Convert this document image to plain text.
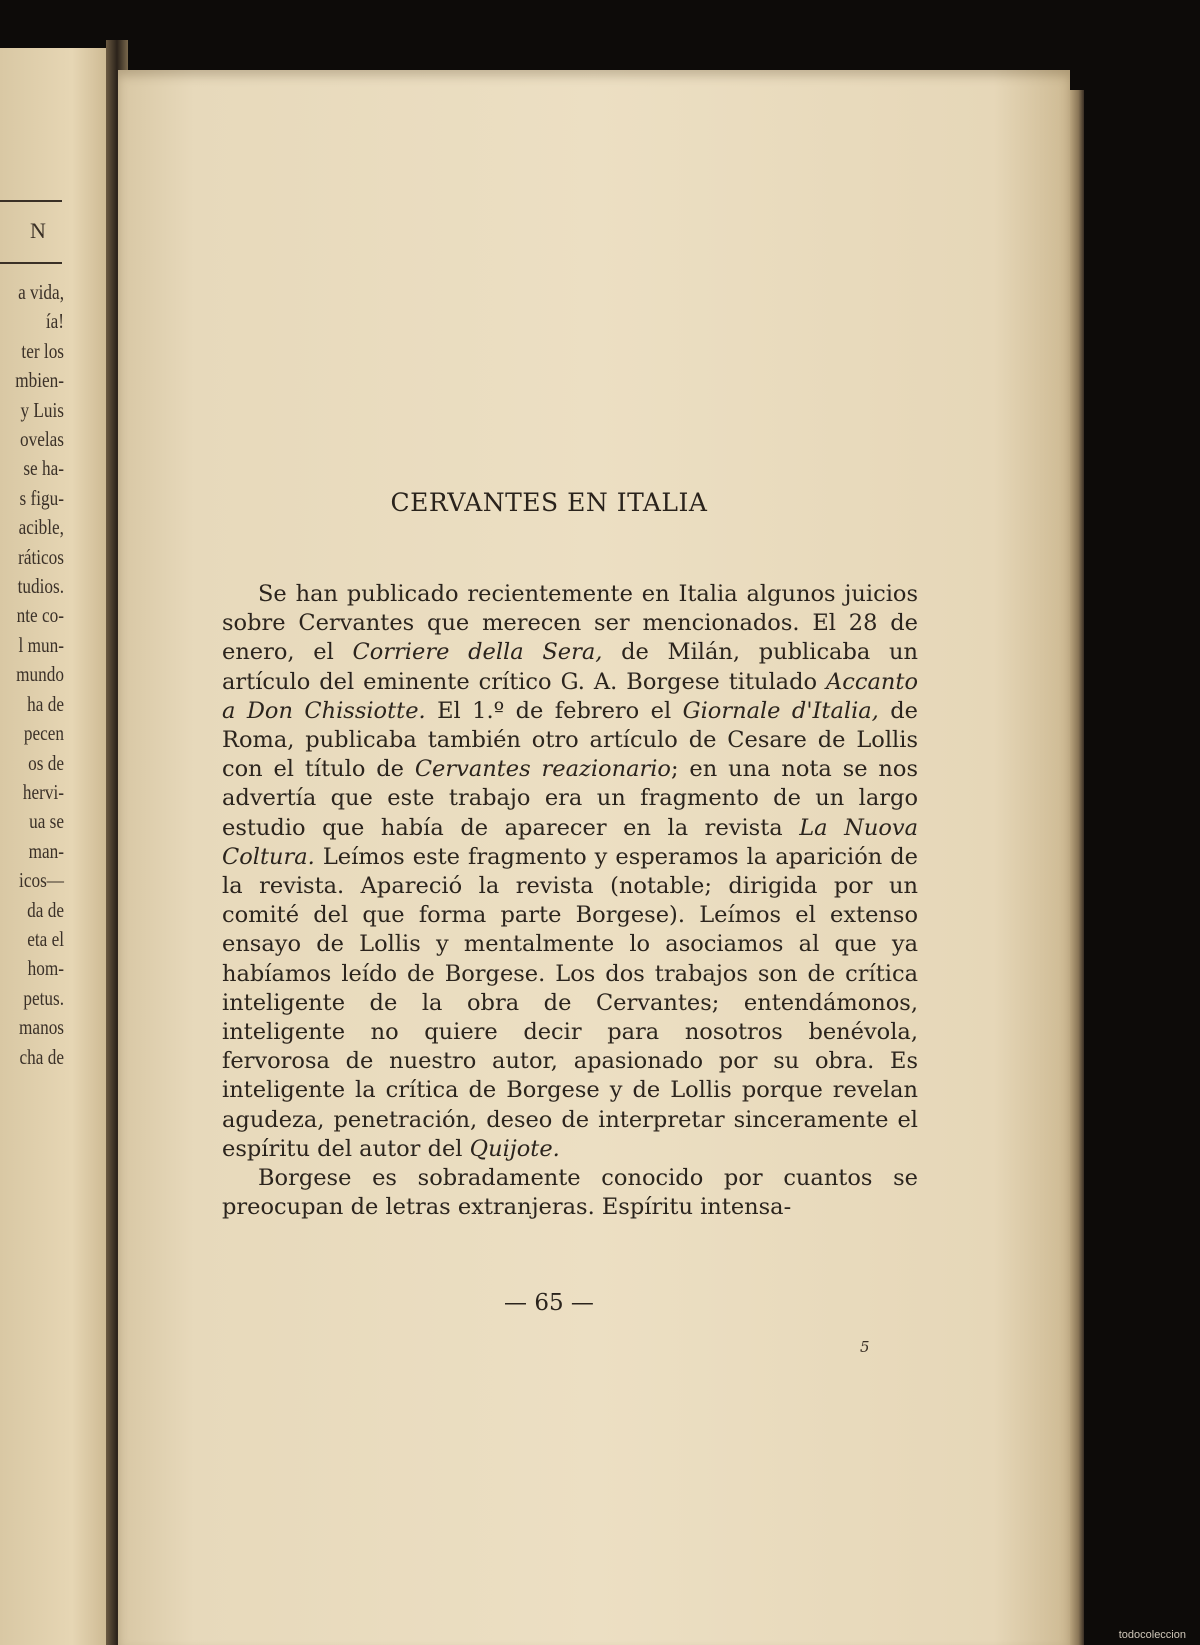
N
a vida,
ía!
ter los
mbien-
y Luis
ovelas
se ha-
s figu-
acible,
ráticos
tudios.
nte co-
l mun-
mundo
ha de
pecen
os de
hervi-
ua se
man-
icos—
da de
eta el
hom-
petus.
manos
cha de
CERVANTES EN ITALIA

Se han publicado recientemente en Italia algunos juicios sobre Cervantes que merecen ser mencionados. El 28 de enero, el Corriere della Sera, de Milán, publicaba un artículo del eminente crítico G. A. Borgese titulado Accanto a Don Chissiotte. El 1.º de febrero el Giornale d'Italia, de Roma, publicaba también otro artículo de Cesare de Lollis con el título de Cervantes reazionario; en una nota se nos advertía que este trabajo era un fragmento de un largo estudio que había de aparecer en la revista La Nuova Coltura. Leímos este fragmento y esperamos la aparición de la revista. Apareció la revista (notable; dirigida por un comité del que forma parte Borgese). Leímos el extenso ensayo de Lollis y mentalmente lo asociamos al que ya habíamos leído de Borgese. Los dos trabajos son de crítica inteligente de la obra de Cervantes; entendámonos, inteligente no quiere decir para nosotros benévola, fervorosa de nuestro autor, apasionado por su obra. Es inteligente la crítica de Borgese y de Lollis porque revelan agudeza, penetración, deseo de interpretar sinceramente el espíritu del autor del Quijote.

Borgese es sobradamente conocido por cuantos se preocupan de letras extranjeras. Espíritu intensa-

— 65 —
5
todocoleccion
